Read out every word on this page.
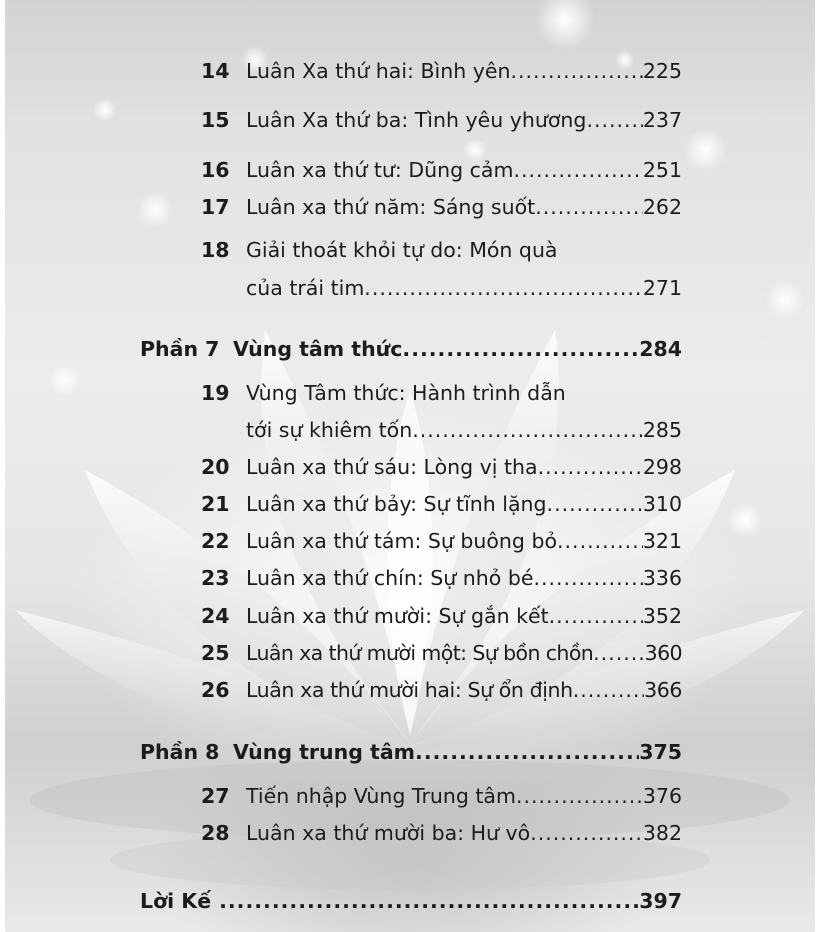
14 Luân Xa thứ hai: Bình yên .....	225
15 Luân Xa thứ ba: Tình yêu yhương .....	237
16 Luân xa thứ tư: Dũng cảm .....	251
17 Luân xa thứ năm: Sáng suốt .....	262
18 Giải thoát khỏi tự do: Món quà
của trái tim .....	271
Phần 7 Vùng tâm thức .....	284
19 Vùng Tâm thức: Hành trình dẫn
tới sự khiêm tốn .....	285
20 Luân xa thứ sáu: Lòng vị tha .....	298
21 Luân xa thứ bảy: Sự tĩnh lặng .....	310
22 Luân xa thứ tám: Sự buông bỏ .....	321
23 Luân xa thứ chín: Sự nhỏ bé .....	336
24 Luân xa thứ mười: Sự gắn kết .....	352
25 Luân xa thứ mười một: Sự bồn chồn .....	360
26 Luân xa thứ mười hai: Sự ổn định .....	366
Phần 8 Vùng trung tâm .....	375
27 Tiến nhập Vùng Trung tâm .....	376
28 Luân xa thứ mười ba: Hư vô .....	382
Lời Kế .....	397
